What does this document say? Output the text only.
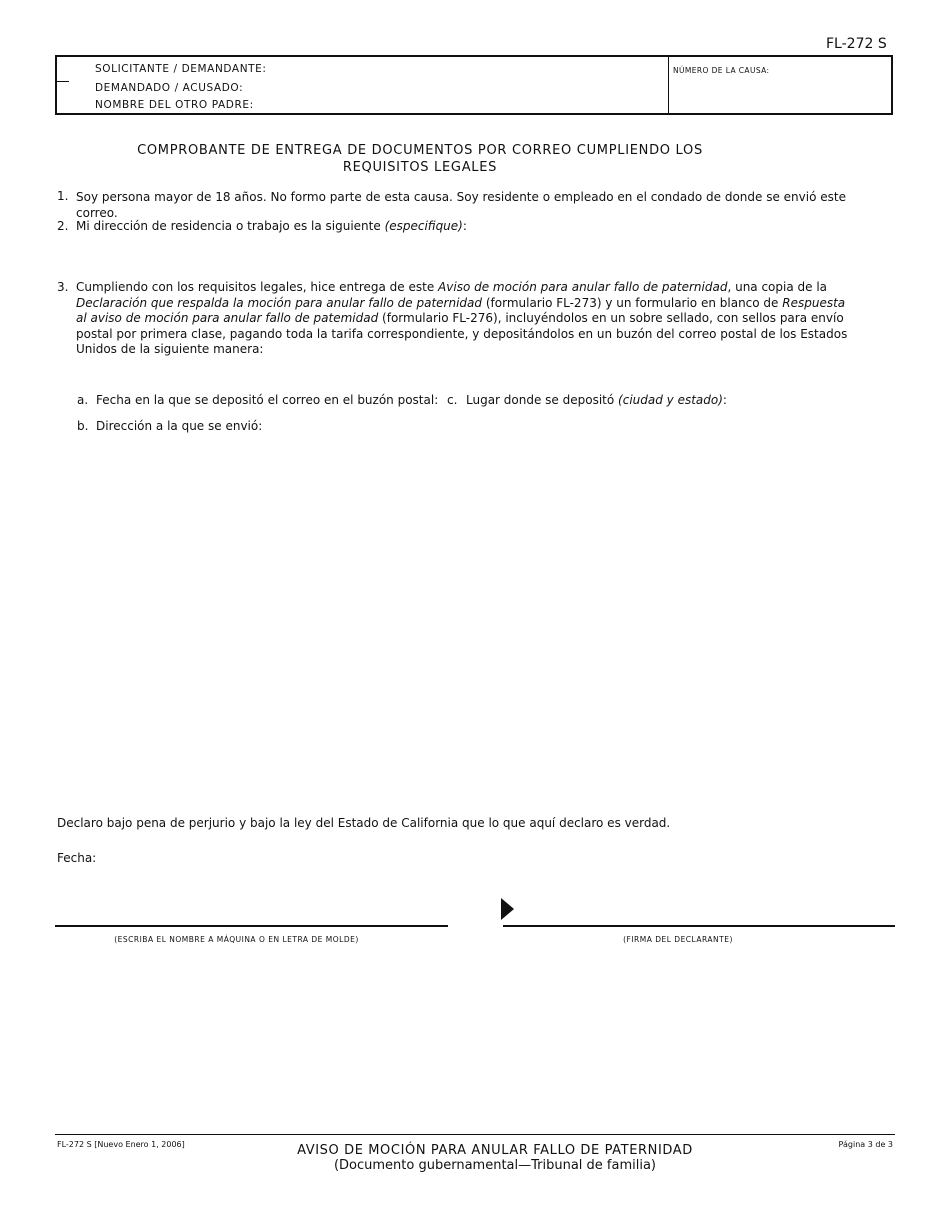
FL-272 S
SOLICITANTE / DEMANDANTE:
DEMANDADO / ACUSADO:
NOMBRE DEL OTRO PADRE:
NÚMERO DE LA CAUSA:
COMPROBANTE DE ENTREGA DE DOCUMENTOS POR CORREO CUMPLIENDO LOS REQUISITOS LEGALES
1. Soy persona mayor de 18 años. No formo parte de esta causa. Soy residente o empleado en el condado de donde se envió este correo.
2. Mi dirección de residencia o trabajo es la siguiente (especifique):
3. Cumpliendo con los requisitos legales, hice entrega de este Aviso de moción para anular fallo de paternidad, una copia de la Declaración que respalda la moción para anular fallo de paternidad (formulario FL-273) y un formulario en blanco de Respuesta al aviso de moción para anular fallo de patemidad (formulario FL-276), incluyéndolos en un sobre sellado, con sellos para envío postal por primera clase, pagando toda la tarifa correspondiente, y depositándolos en un buzón del correo postal de los Estados Unidos de la siguiente manera:
a. Fecha en la que se depositó el correo en el buzón postal: c. Lugar donde se depositó (ciudad y estado):
b. Dirección a la que se envió:
Declaro bajo pena de perjurio y bajo la ley del Estado de California que lo que aquí declaro es verdad.
Fecha:
(ESCRIBA EL NOMBRE A MÁQUINA O EN LETRA DE MOLDE)	(FIRMA DEL DECLARANTE)
FL-272 S [Nuevo Enero 1, 2006]	AVISO DE MOCIÓN PARA ANULAR FALLO DE PATERNIDAD
(Documento gubernamental—Tribunal de familia)
Página 3 de 3
